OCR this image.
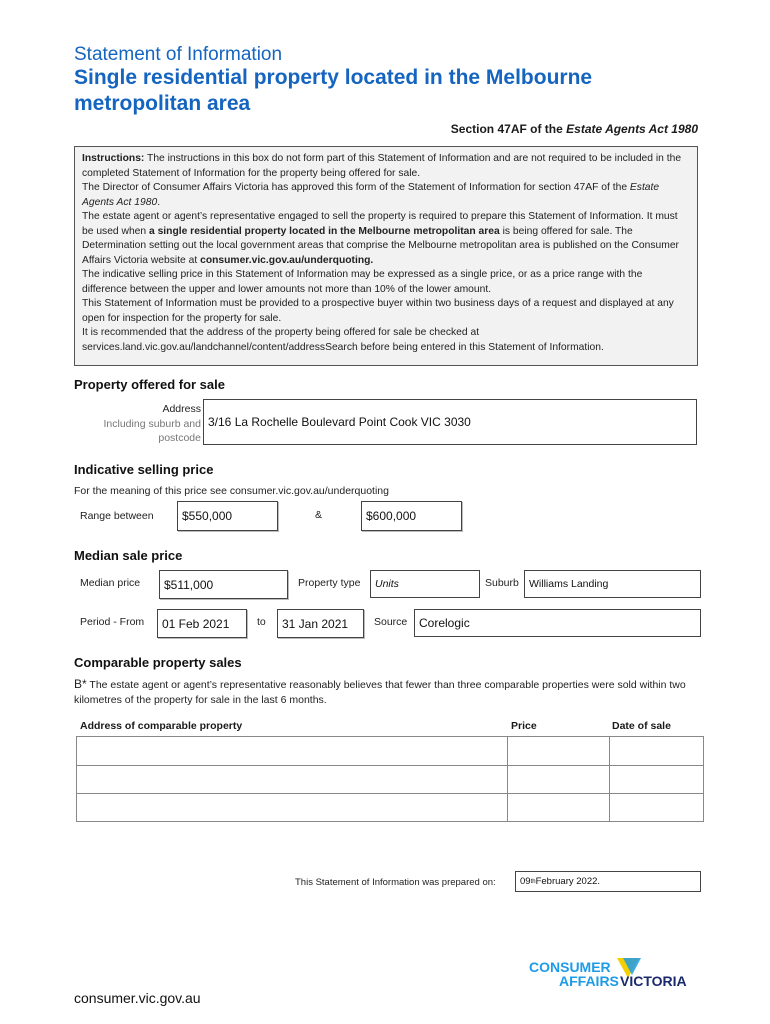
Statement of Information
Single residential property located in the Melbourne metropolitan area
Section 47AF of the Estate Agents Act 1980

Instructions: The instructions in this box do not form part of this Statement of Information and are not required to be included in the completed Statement of Information for the property being offered for sale.

The Director of Consumer Affairs Victoria has approved this form of the Statement of Information for section 47AF of the Estate Agents Act 1980.

The estate agent or agent’s representative engaged to sell the property is required to prepare this Statement of Information. It must be used when a single residential property located in the Melbourne metropolitan area is being offered for sale. The Determination setting out the local government areas that comprise the Melbourne metropolitan area is published on the Consumer Affairs Victoria website at consumer.vic.gov.au/underquoting.

The indicative selling price in this Statement of Information may be expressed as a single price, or as a price range with the difference between the upper and lower amounts not more than 10% of the lower amount.

This Statement of Information must be provided to a prospective buyer within two business days of a request and displayed at any open for inspection for the property for sale.

It is recommended that the address of the property being offered for sale be checked at services.land.vic.gov.au/landchannel/content/addressSearch before being entered in this Statement of Information.

Property offered for sale
Address
Including suburb and
postcode
3/16 La Rochelle Boulevard Point Cook VIC 3030
Indicative selling price
For the meaning of this price see consumer.vic.gov.au/underquoting
Range between $550,000	&	$600,000
Median sale price
Median price $511,000	Property type Units	Suburb Williams Landing
Period - From 01 Feb 2021	to 31 Jan 2021 Source Corelogic
Comparable property sales
B* The estate agent or agent’s representative reasonably believes that fewer than three comparable properties were sold within two kilometres of the property for sale in the last 6 months.
Address of comparable property	Price	Date of sale
This Statement of Information was prepared on:	09 th February 2022.
CONSUMER
AFFAIRS VICTORIA
consumer.vic.gov.au
